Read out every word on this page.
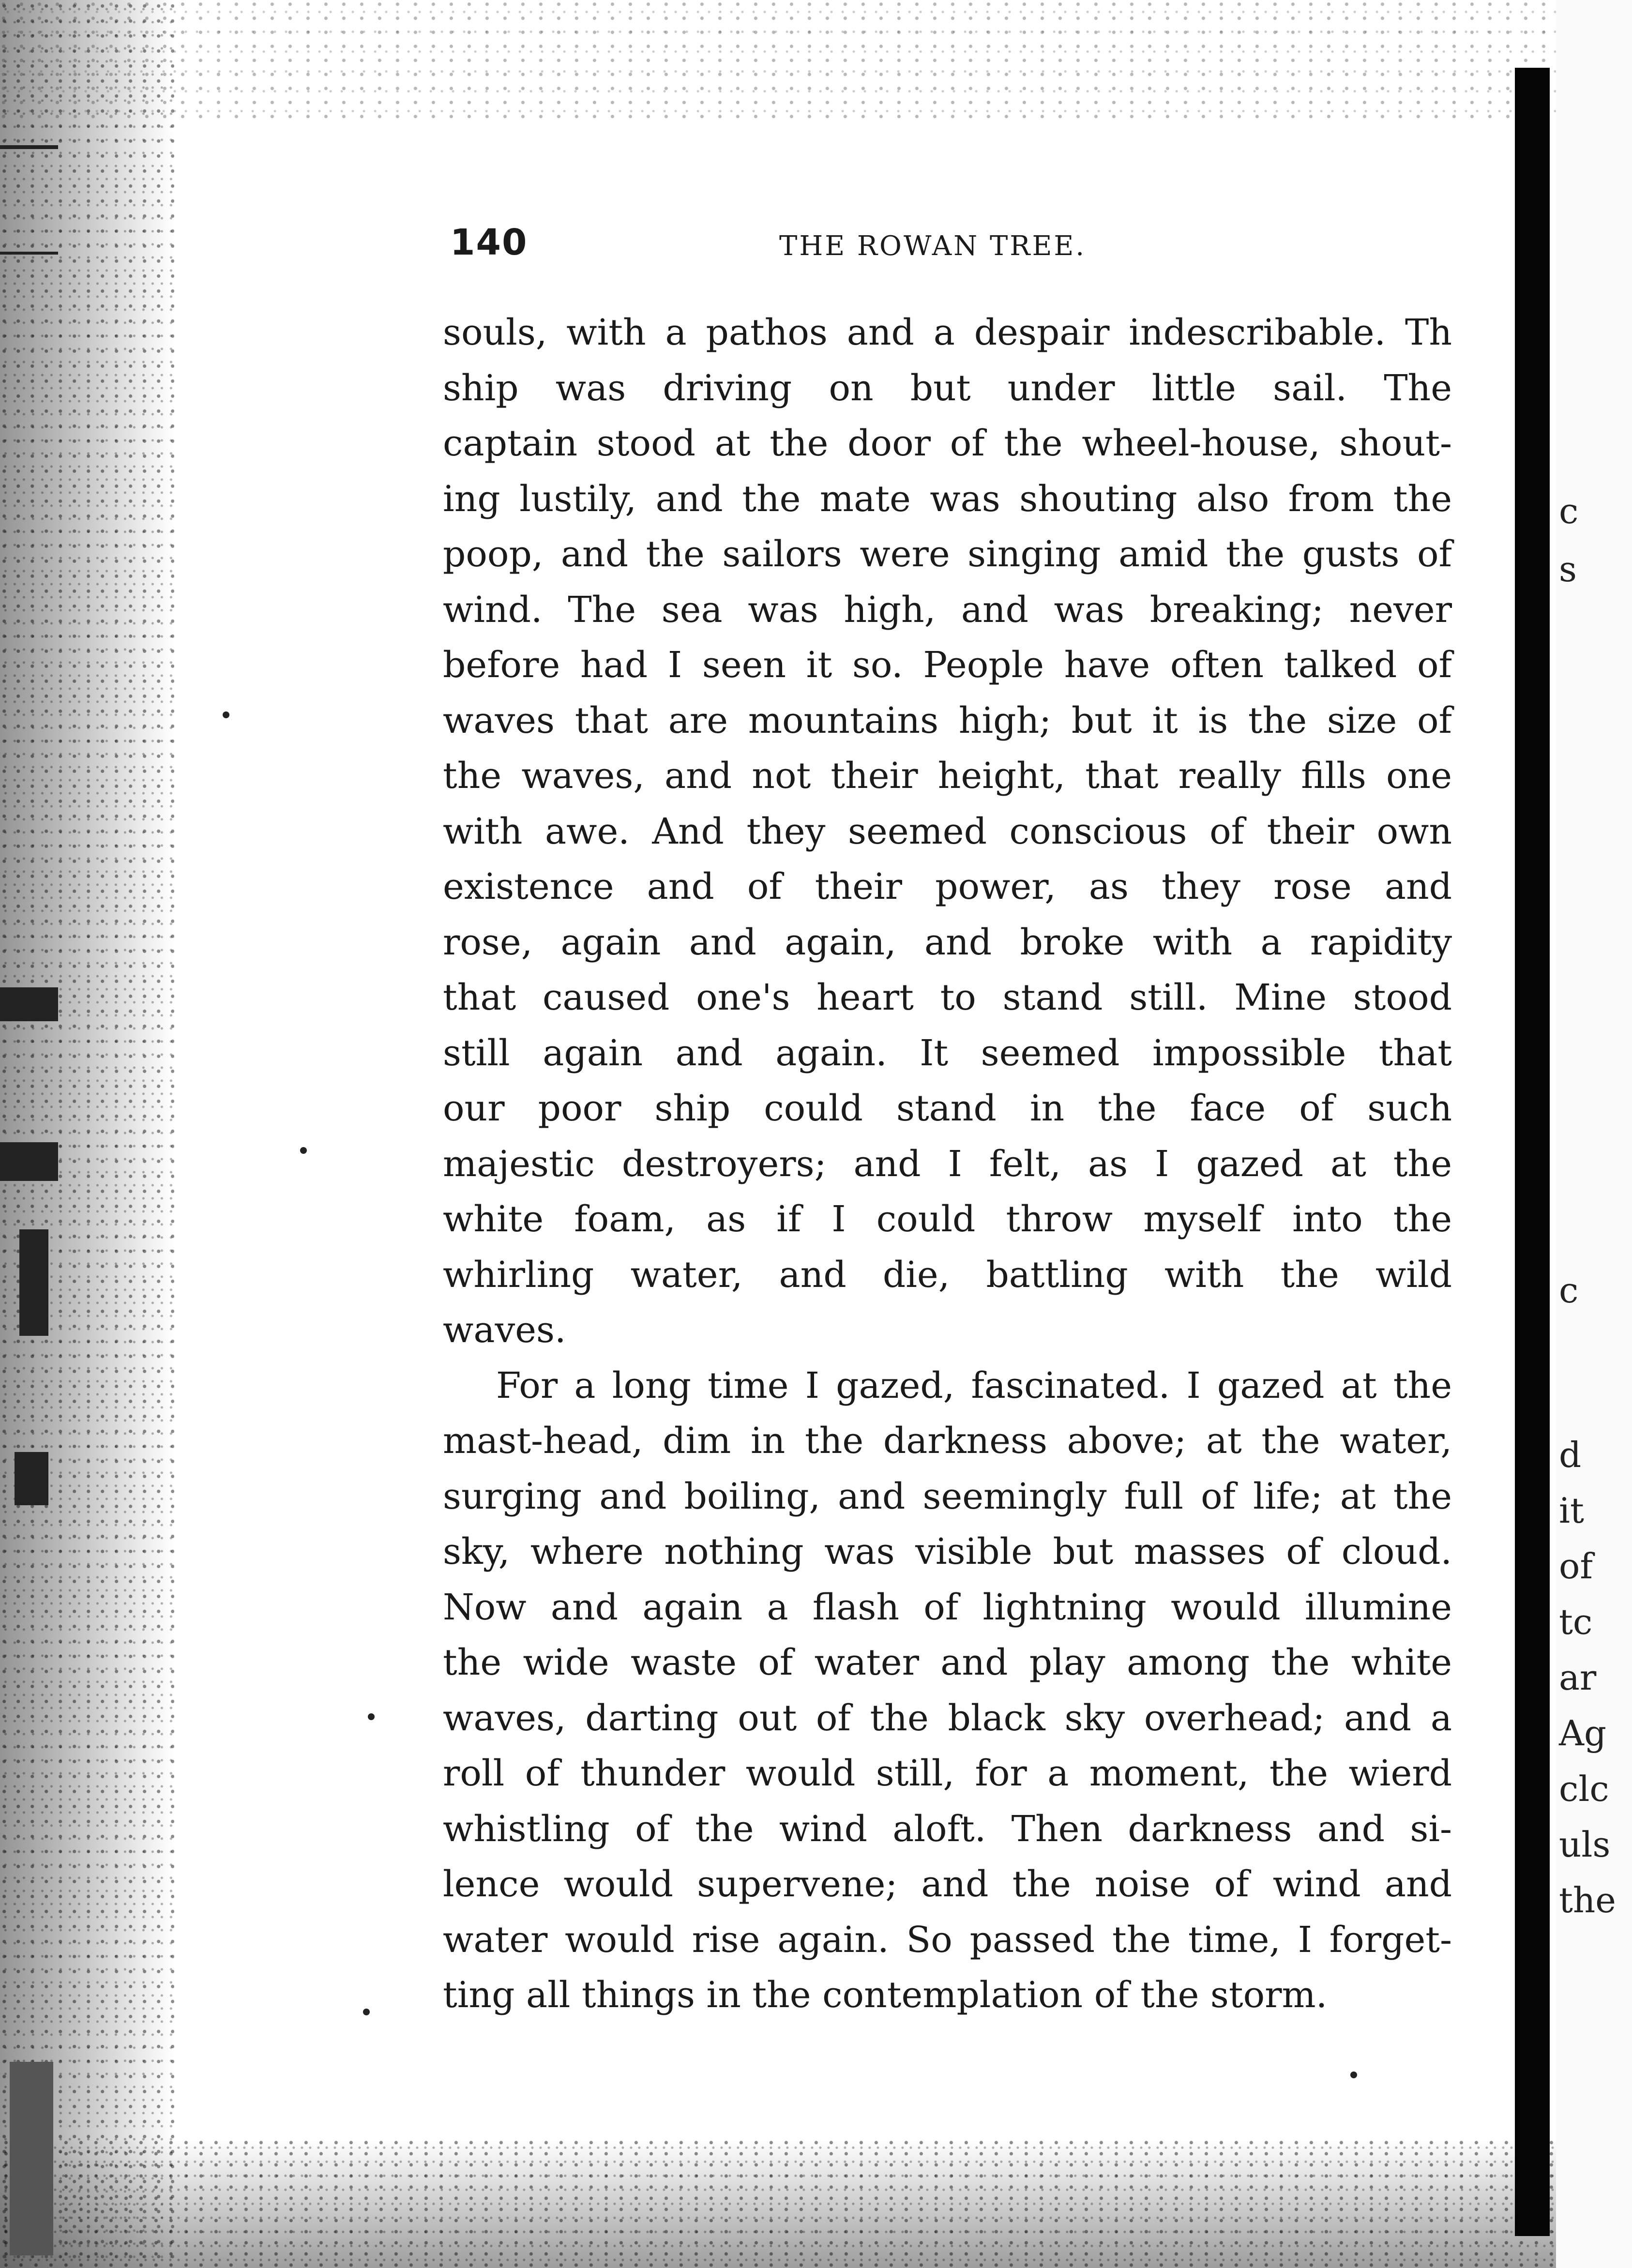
c
s
c
d
it
of
tc
ar
Ag
clc
uls
the
140	THE ROWAN TREE.
souls, with a pathos and a despair indescribable. Th
ship was driving on but under little sail. The
captain stood at the door of the wheel-house, shout-
ing lustily, and the mate was shouting also from the
poop, and the sailors were singing amid the gusts of
wind. The sea was high, and was breaking; never
before had I seen it so. People have often talked of
waves that are mountains high; but it is the size of
the waves, and not their height, that really fills one
with awe. And they seemed conscious of their own
existence and of their power, as they rose and
rose, again and again, and broke with a rapidity
that caused one's heart to stand still. Mine stood
still again and again. It seemed impossible that
our poor ship could stand in the face of such
majestic destroyers; and I felt, as I gazed at the
white foam, as if I could throw myself into the
whirling water, and die, battling with the wild
waves.
For a long time I gazed, fascinated. I gazed at the
mast-head, dim in the darkness above; at the water,
surging and boiling, and seemingly full of life; at the
sky, where nothing was visible but masses of cloud.
Now and again a flash of lightning would illumine
the wide waste of water and play among the white
waves, darting out of the black sky overhead; and a
roll of thunder would still, for a moment, the wierd
whistling of the wind aloft. Then darkness and si-
lence would supervene; and the noise of wind and
water would rise again. So passed the time, I forget-
ting all things in the contemplation of the storm.
